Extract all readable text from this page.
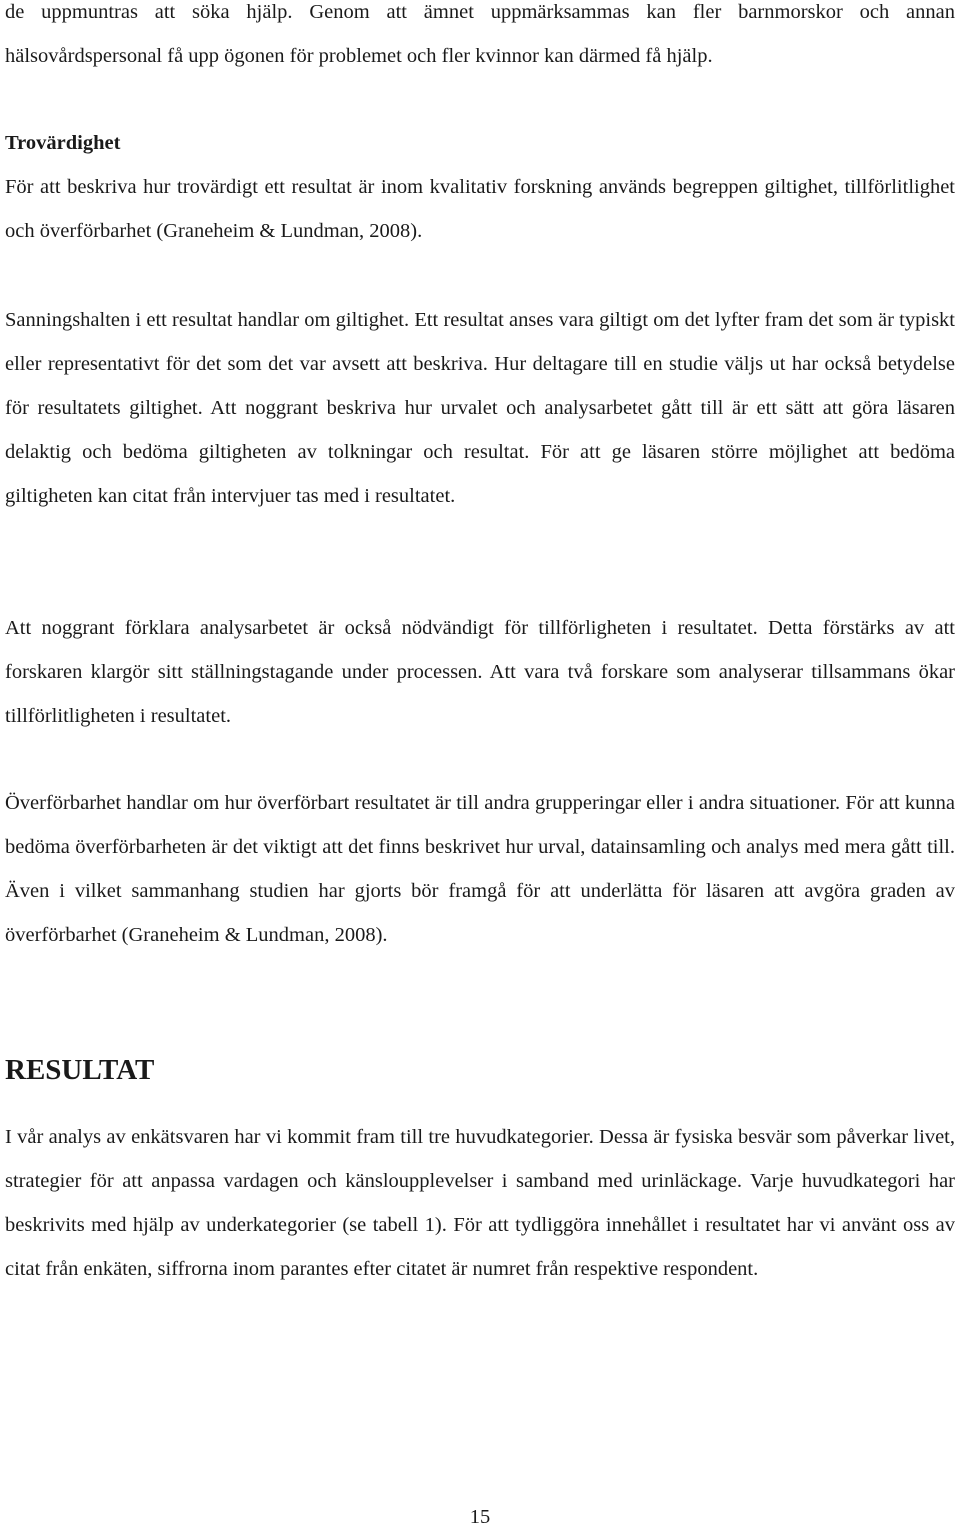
de uppmuntras att söka hjälp. Genom att ämnet uppmärksammas kan fler barnmorskor och annan hälsovårdspersonal få upp ögonen för problemet och fler kvinnor kan därmed få hjälp.

Trovärdighet

För att beskriva hur trovärdigt ett resultat är inom kvalitativ forskning används begreppen giltighet, tillförlitlighet och överförbarhet (Graneheim & Lundman, 2008).

Sanningshalten i ett resultat handlar om giltighet. Ett resultat anses vara giltigt om det lyfter fram det som är typiskt eller representativt för det som det var avsett att beskriva. Hur deltagare till en studie väljs ut har också betydelse för resultatets giltighet. Att noggrant beskriva hur urvalet och analysarbetet gått till är ett sätt att göra läsaren delaktig och bedöma giltigheten av tolkningar och resultat. För att ge läsaren större möjlighet att bedöma giltigheten kan citat från intervjuer tas med i resultatet.

Att noggrant förklara analysarbetet är också nödvändigt för tillförligheten i resultatet. Detta förstärks av att forskaren klargör sitt ställningstagande under processen. Att vara två forskare som analyserar tillsammans ökar tillförlitligheten i resultatet.

Överförbarhet handlar om hur överförbart resultatet är till andra grupperingar eller i andra situationer. För att kunna bedöma överförbarheten är det viktigt att det finns beskrivet hur urval, datainsamling och analys med mera gått till. Även i vilket sammanhang studien har gjorts bör framgå för att underlätta för läsaren att avgöra graden av överförbarhet (Graneheim & Lundman, 2008).

RESULTAT

I vår analys av enkätsvaren har vi kommit fram till tre huvudkategorier. Dessa är fysiska besvär som påverkar livet, strategier för att anpassa vardagen och känsloupplevelser i samband med urinläckage. Varje huvudkategori har beskrivits med hjälp av underkategorier (se tabell 1). För att tydliggöra innehållet i resultatet har vi använt oss av citat från enkäten, siffrorna inom parantes efter citatet är numret från respektive respondent.

15
